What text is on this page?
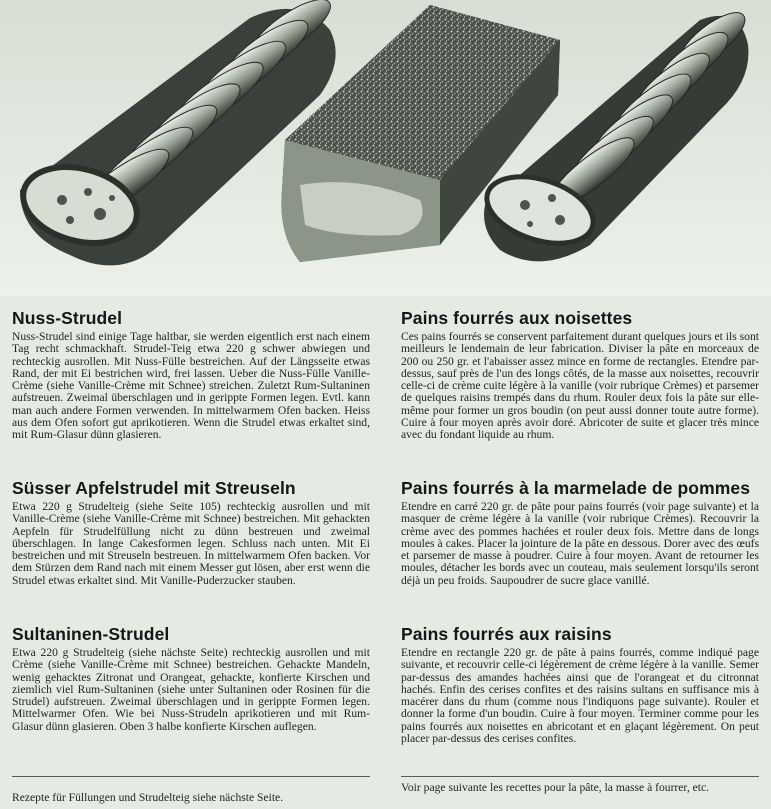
Nuss-Strudel

Nuss-Strudel sind einige Tage haltbar, sie werden eigentlich erst nach einem Tag recht schmackhaft. Strudel-Teig etwa 220 g schwer abwiegen und rechteckig ausrollen. Mit Nuss-Fülle bestreichen. Auf der Längsseite etwas Rand, der mit Ei bestrichen wird, frei lassen. Ueber die Nuss-Fülle Vanille-Crème (siehe Vanille-Crème mit Schnee) streichen. Zuletzt Rum-Sultaninen aufstreuen. Zweimal überschlagen und in gerippte Formen legen. Evtl. kann man auch andere Formen verwenden. In mittelwarmem Ofen backen. Heiss aus dem Ofen sofort gut aprikotieren. Wenn die Strudel etwas erkaltet sind, mit Rum-Glasur dünn glasieren.

Süsser Apfelstrudel mit Streuseln

Etwa 220 g Strudelteig (siehe Seite 105) rechteckig ausrollen und mit Vanille-Crème (siehe Vanille-Crème mit Schnee) bestreichen. Mit gehackten Aepfeln für Strudelfüllung nicht zu dünn bestreuen und zweimal überschlagen. In lange Cakesformen legen. Schluss nach unten. Mit Ei bestreichen und mit Streuseln bestreuen. In mittelwarmem Ofen backen. Vor dem Stürzen dem Rand nach mit einem Messer gut lösen, aber erst wenn die Strudel etwas erkaltet sind. Mit Vanille-Puderzucker stauben.

Sultaninen-Strudel

Etwa 220 g Strudelteig (siehe nächste Seite) rechteckig ausrollen und mit Crème (siehe Vanille-Crème mit Schnee) bestreichen. Gehackte Mandeln, wenig gehacktes Zitronat und Orangeat, gehackte, konfierte Kirschen und ziemlich viel Rum-Sultaninen (siehe unter Sultaninen oder Rosinen für die Strudel) aufstreuen. Zweimal überschlagen und in gerippte Formen legen. Mittelwarmer Ofen. Wie bei Nuss-Strudeln aprikotieren und mit Rum-Glasur dünn glasieren. Oben 3 halbe konfierte Kirschen auflegen.

Rezepte für Füllungen und Strudelteig siehe nächste Seite.

Pains fourrés aux noisettes

Ces pains fourrés se conservent parfaitement durant quelques jours et ils sont meilleurs le lendemain de leur fabrication. Diviser la pâte en morceaux de 200 ou 250 gr. et l'abaisser assez mince en forme de rectangles. Etendre par-dessus, sauf près de l'un des longs côtés, de la masse aux noisettes, recouvrir celle-ci de crème cuite légère à la vanille (voir rubrique Crèmes) et parsemer de quelques raisins trempés dans du rhum. Rouler deux fois la pâte sur elle-même pour former un gros boudin (on peut aussi donner toute autre forme). Cuire à four moyen après avoir doré. Abricoter de suite et glacer très mince avec du fondant liquide au rhum.

Pains fourrés à la marmelade de pommes

Etendre en carré 220 gr. de pâte pour pains fourrés (voir page suivante) et la masquer de crème légère à la vanille (voir rubrique Crèmes). Recouvrir la crème avec des pommes hachées et rouler deux fois. Mettre dans de longs moules à cakes. Placer la jointure de la pâte en dessous. Dorer avec des œufs et parsemer de masse à poudrer. Cuire à four moyen. Avant de retourner les moules, détacher les bords avec un couteau, mais seulement lorsqu'ils seront déjà un peu froids. Saupoudrer de sucre glace vanillé.

Pains fourrés aux raisins

Etendre en rectangle 220 gr. de pâte à pains fourrés, comme indiqué page suivante, et recouvrir celle-ci légèrement de crème légère à la vanille. Semer par-dessus des amandes hachées ainsi que de l'orangeat et du citronnat hachés. Enfin des cerises confites et des raisins sultans en suffisance mis à macérer dans du rhum (comme nous l'indiquons page suivante). Rouler et donner la forme d'un boudin. Cuire à four moyen. Terminer comme pour les pains fourrés aux noisettes en abricotant et en glaçant légèrement. On peut placer par-dessus des cerises confites.

Voir page suivante les recettes pour la pâte, la masse à fourrer, etc.
